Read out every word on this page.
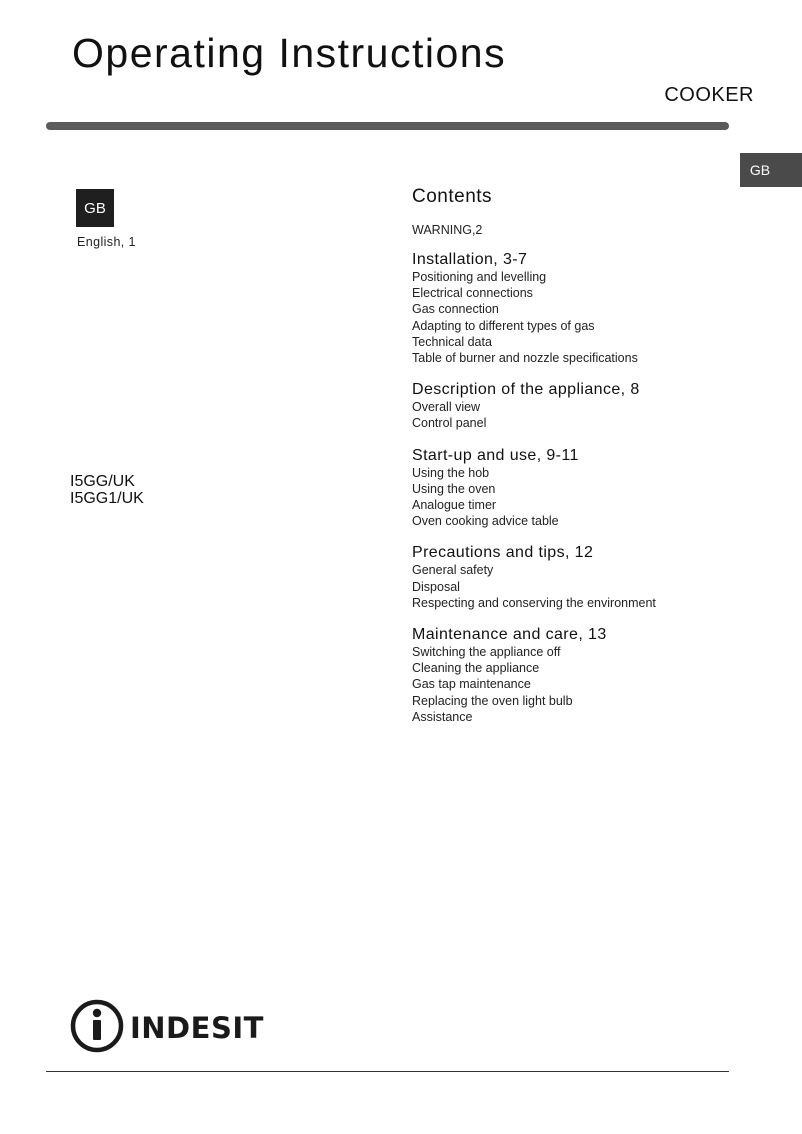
Operating Instructions
COOKER
GB
GB
English, 1
I5GG/UK
I5GG1/UK
Contents
WARNING,2
Installation, 3-7
Positioning and levelling
Electrical connections
Gas connection
Adapting to different types of gas
Technical data
Table of burner and nozzle specifications
Description of the appliance, 8
Overall view
Control panel
Start-up and use, 9-11
Using the hob
Using the oven
Analogue timer
Oven cooking advice table
Precautions and tips, 12
General safety
Disposal
Respecting and conserving the environment
Maintenance and care, 13
Switching the appliance off
Cleaning the appliance
Gas tap maintenance
Replacing the oven light bulb
Assistance
INDESIT
